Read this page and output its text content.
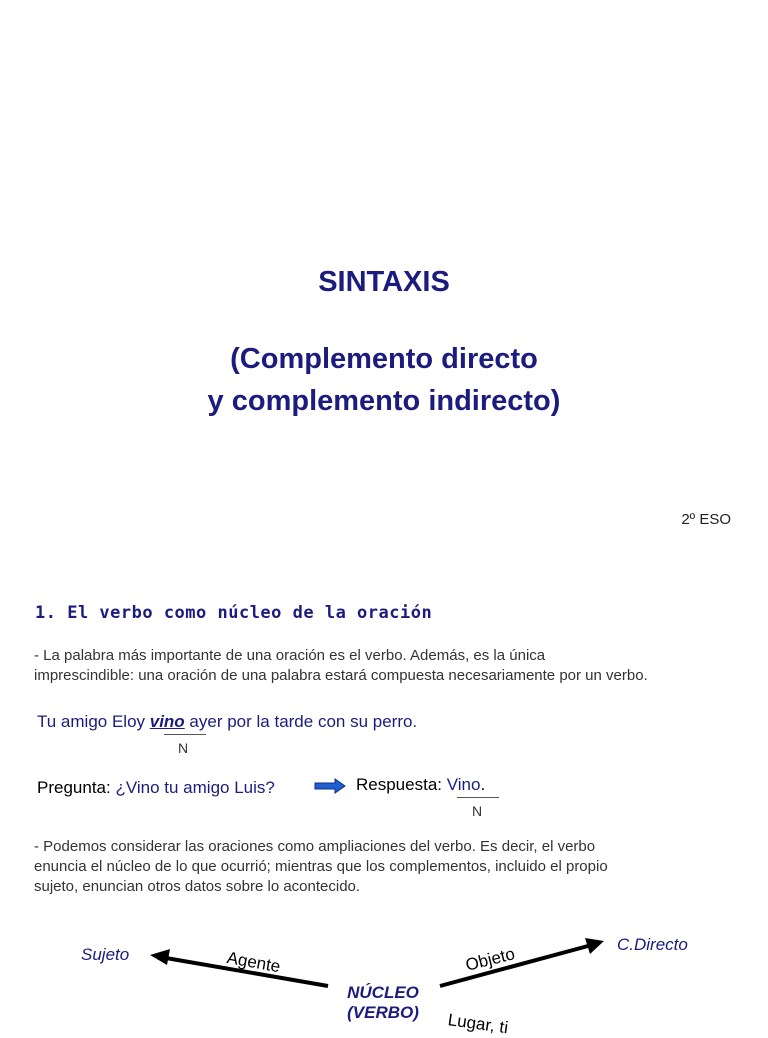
SINTAXIS
(Complemento directo
y complemento indirecto)
2º ESO
1. El verbo como núcleo de la oración
- La palabra más importante de una oración es el verbo. Además, es la única
imprescindible: una oración de una palabra estará compuesta necesariamente por un verbo.
Tu amigo Eloy vino ayer por la tarde con su perro.
N
Pregunta: ¿Vino tu amigo Luis?	Respuesta: Vino.
N
- Podemos considerar las oraciones como ampliaciones del verbo. Es decir, el verbo
enuncia el núcleo de lo que ocurrió; mientras que los complementos, incluido el propio
sujeto, enuncian otros datos sobre lo acontecido.
Sujeto	Agente	Objeto	C.Directo
NÚCLEO
(VERBO)	Lugar, ti
